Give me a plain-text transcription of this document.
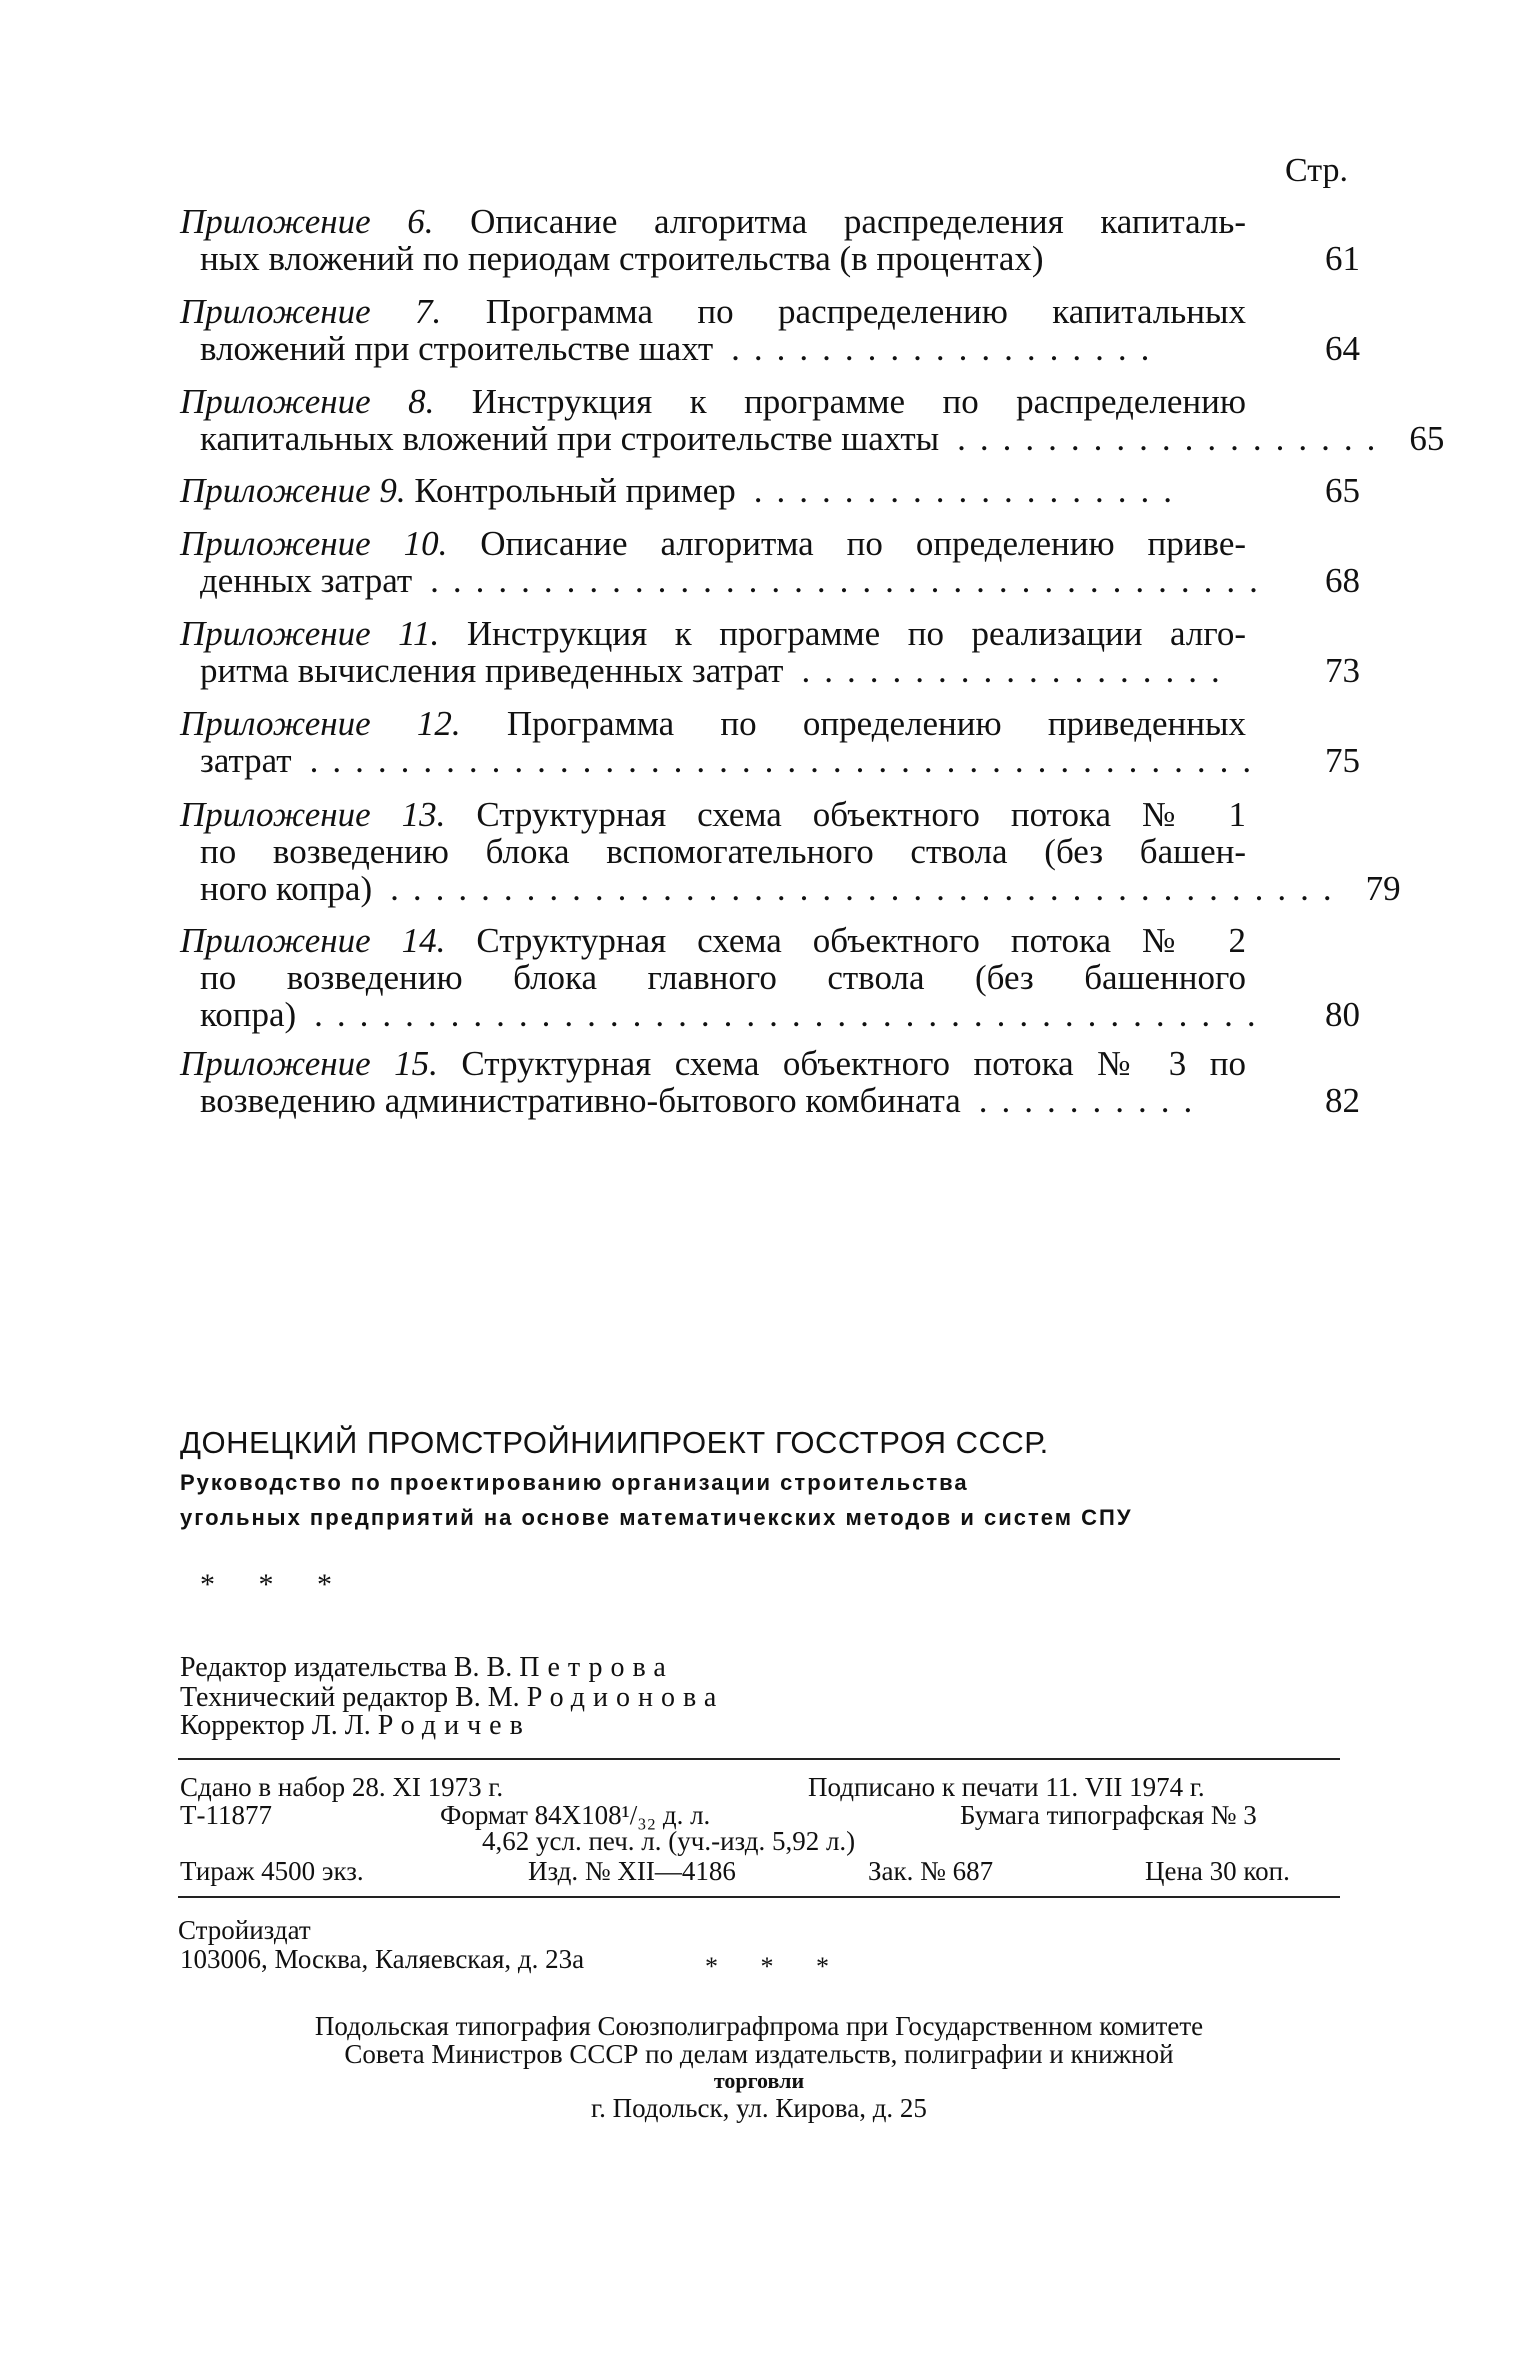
Стр.
Приложение 6. Описание алгоритма распределения капиталь-
ных вложений по периодам строительства (в процентах)	61
Приложение 7. Программа по распределению капитальных
вложений при строительстве шахт ...................	64
Приложение 8. Инструкция к программе по распределению
капитальных вложений при строительстве шахты ................... 65
Приложение 9.
Контрольный пример ...................	65
Приложение 10. Описание алгоритма по определению приве-
денных затрат .....................................	68
Приложение 11. Инструкция к программе по реализации алго-
ритма вычисления приведенных затрат ...................	73
Приложение 12. Программа по определению приведенных
затрат ..........................................	75
Приложение 13. Структурная схема объектного потока № 1
по возведению блока вспомогательного ствола (без башен-
ного копра) .......................................... 79
Приложение 14. Структурная схема объектного потока № 2
по возведению блока главного ствола (без башенного
копра) ..........................................	80
Приложение 15. Структурная схема объектного потока № 3 по
возведению административно-бытового комбината ..........	82
ДОНЕЦКИЙ ПРОМСТРОЙНИИПРОЕКТ ГОССТРОЯ СССР.
Руководство по проектированию организации строительства
угольных предприятий на основе математичекских методов и систем СПУ
* * *
Редактор издательства В. В. Петрова
Технический редактор В. М. Родионова
Корректор Л. Л. Родичев
Сдано в набор 28. XI 1973 г.	Подписано к печати 11. VII 1974 г.
Т-11877	Формат 84Х108¹/₃₂ д. л.	Бумага типографская № 3
4,62 усл. печ. л. (уч.-изд. 5,92 л.)
Тираж 4500 экз.	Изд. № XII—4186	Зак. № 687	Цена 30 коп.
Стройиздат
103006, Москва, Каляевская, д. 23а	* * *
Подольская типография Союзполиграфпрома при Государственном комитете
Совета Министров СССР по делам издательств, полиграфии и книжной
торговли
г. Подольск, ул. Кирова, д. 25
